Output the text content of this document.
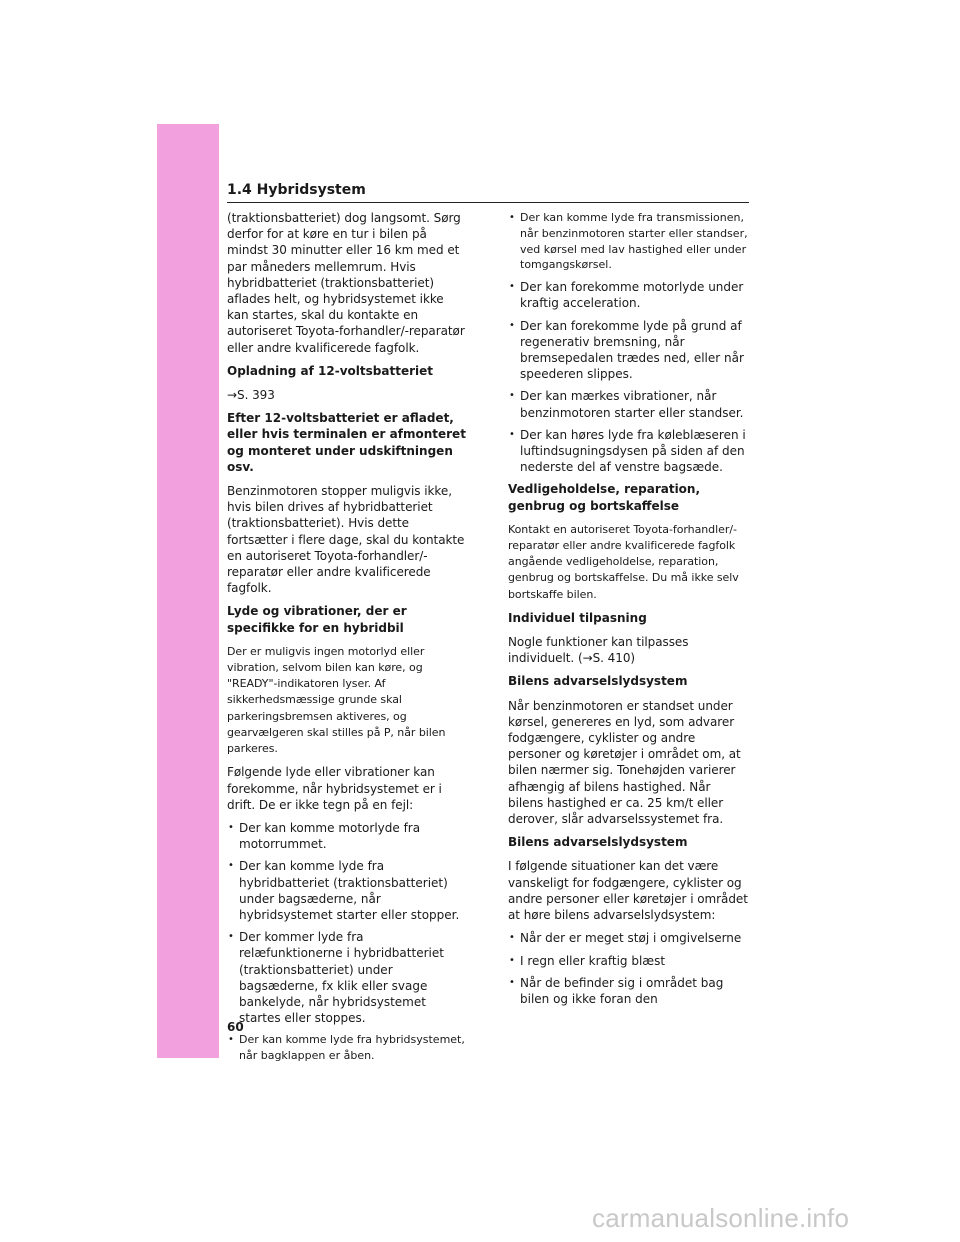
1.4 Hybridsystem

(traktionsbatteriet) dog langsomt. Sørg derfor for at køre en tur i bilen på mindst 30 minutter eller 16 km med et par måneders mellemrum. Hvis hybridbatteriet (traktionsbatteriet) aflades helt, og hybridsystemet ikke kan startes, skal du kontakte en autoriseret Toyota-forhandler/-reparatør eller andre kvalificerede fagfolk.

Opladning af 12-voltsbatteriet

→S. 393

Efter 12-voltsbatteriet er afladet, eller hvis terminalen er afmonteret og monteret under udskiftningen osv.

Benzinmotoren stopper muligvis ikke, hvis bilen drives af hybridbatteriet (traktionsbatteriet). Hvis dette fortsætter i flere dage, skal du kontakte en autoriseret Toyota-forhandler/-reparatør eller andre kvalificerede fagfolk.

Lyde og vibrationer, der er specifikke for en hybridbil

Der er muligvis ingen motorlyd eller vibration, selvom bilen kan køre, og "READY"-indikatoren lyser. Af sikkerhedsmæssige grunde skal parkeringsbremsen aktiveres, og gearvælgeren skal stilles på P, når bilen parkeres.

Følgende lyde eller vibrationer kan forekomme, når hybridsystemet er i drift. De er ikke tegn på en fejl:

• Der kan komme motorlyde fra motorrummet.
• Der kan komme lyde fra hybridbatteriet (traktionsbatteriet) under bagsæderne, når hybridsystemet starter eller stopper.
• Der kommer lyde fra relæfunktionerne i hybridbatteriet (traktionsbatteriet) under bagsæderne, fx klik eller svage bankelyde, når hybridsystemet startes eller stoppes.
• Der kan komme lyde fra hybridsystemet, når bagklappen er åben.
• Der kan komme lyde fra transmissionen, når benzinmotoren starter eller standser, ved kørsel med lav hastighed eller under tomgangskørsel.
• Der kan forekomme motorlyde under kraftig acceleration.
• Der kan forekomme lyde på grund af regenerativ bremsning, når bremsepedalen trædes ned, eller når speederen slippes.
• Der kan mærkes vibrationer, når benzinmotoren starter eller standser.
• Der kan høres lyde fra køleblæseren i luftindsugningsdysen på siden af den nederste del af venstre bagsæde.
Vedligeholdelse, reparation, genbrug og bortskaffelse

Kontakt en autoriseret Toyota-forhandler/-reparatør eller andre kvalificerede fagfolk angående vedligeholdelse, reparation, genbrug og bortskaffelse. Du må ikke selv bortskaffe bilen.

Individuel tilpasning

Nogle funktioner kan tilpasses individuelt. (→S. 410)

Bilens advarselslydsystem

Når benzinmotoren er standset under kørsel, genereres en lyd, som advarer fodgængere, cyklister og andre personer og køretøjer i området om, at bilen nærmer sig. Tonehøjden varierer afhængig af bilens hastighed. Når bilens hastighed er ca. 25 km/t eller derover, slår advarselssystemet fra.

Bilens advarselslydsystem

I følgende situationer kan det være vanskeligt for fodgængere, cyklister og andre personer eller køretøjer i området at høre bilens advarselslydsystem:

• Når der er meget støj i omgivelserne
• I regn eller kraftig blæst
• Når de befinder sig i området bag bilen og ikke foran den
60
carmanualsonline.info
